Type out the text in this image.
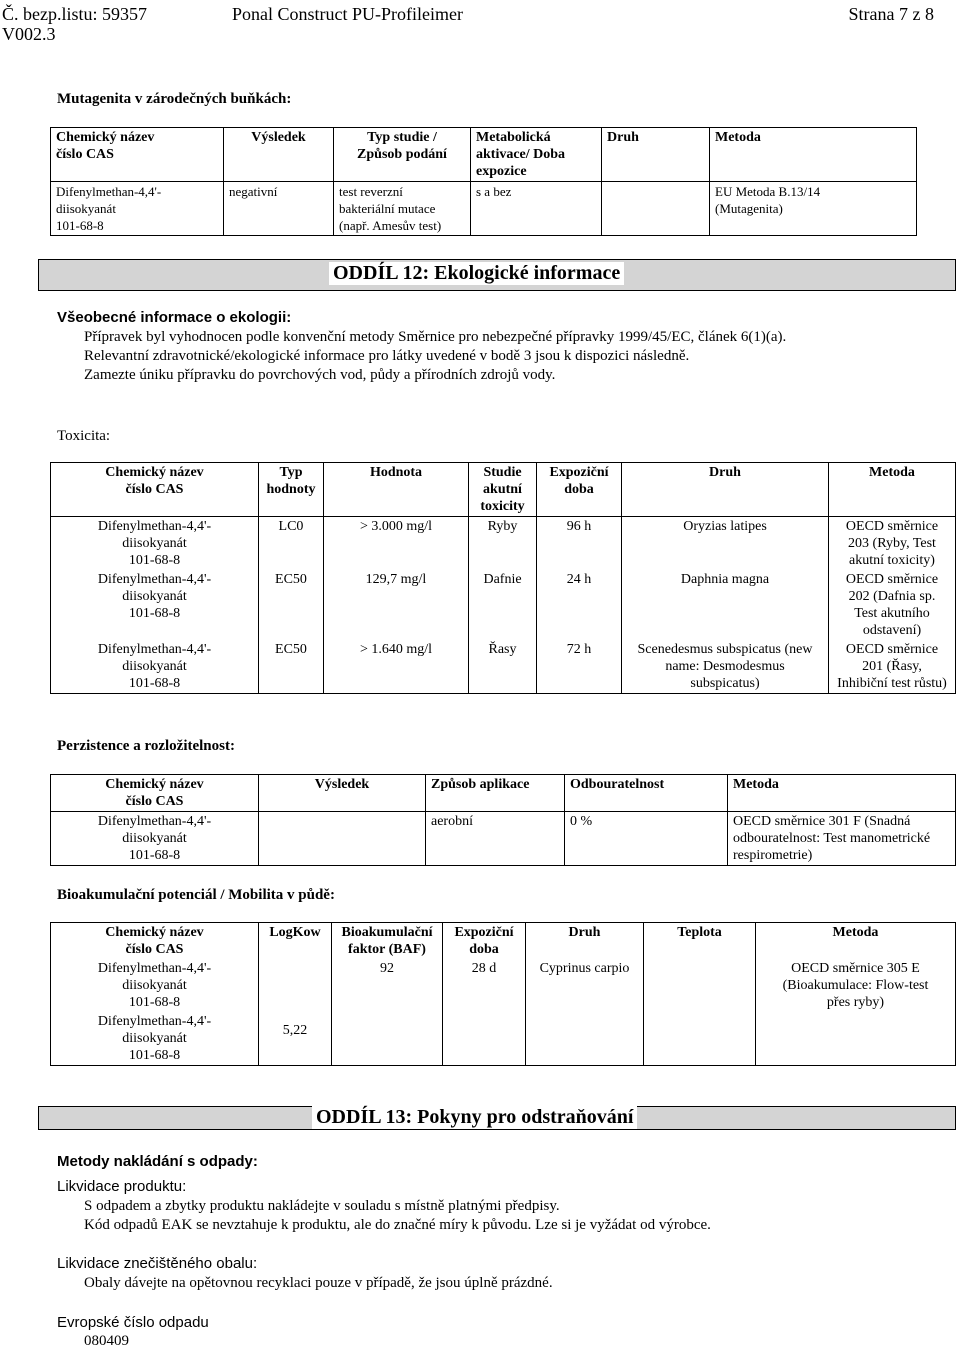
Č. bezp.listu: 59357	Ponal Construct PU-Profileimer	Strana 7 z 8
V002.3
Mutagenita v zárodečných buňkách:
Chemický název
číslo CAS	Výsledek	Typ studie /
Způsob podání	Metabolická
aktivace/ Doba
expozice	Druh	Metoda
Difenylmethan-4,4'-
diisokyanát
101-68-8	negativní	test reverzní
bakteriální mutace
(např. Amesův test)	s a bez		EU Metoda B.13/14
(Mutagenita)
ODDÍL 12: Ekologické informace
Všeobecné informace o ekologii:
Přípravek byl vyhodnocen podle konvenční metody Směrnice pro nebezpečné přípravky 1999/45/EC, článek 6(1)(a).
Relevantní zdravotnické/ekologické informace pro látky uvedené v bodě 3 jsou k dispozici následně.
Zamezte úniku přípravku do povrchových vod, půdy a přírodních zdrojů vody.
Toxicita:
Chemický název
číslo CAS	Typ
hodnoty	Hodnota	Studie
akutní
toxicity	Expoziční
doba	Druh	Metoda
Difenylmethan-4,4'-
diisokyanát
101-68-8	LC0	> 3.000 mg/l	Ryby	96 h	Oryzias latipes	OECD směrnice
203 (Ryby, Test
akutní toxicity)
Difenylmethan-4,4'-
diisokyanát
101-68-8	EC50	129,7 mg/l	Dafnie	24 h	Daphnia magna	OECD směrnice
202 (Dafnia sp.
Test akutního
odstavení)
Difenylmethan-4,4'-
diisokyanát
101-68-8	EC50	> 1.640 mg/l	Řasy	72 h	Scenedesmus subspicatus (new
name: Desmodesmus
subspicatus)	OECD směrnice
201 (Řasy,
Inhibiční test růstu)
Perzistence a rozložitelnost:
Chemický název
číslo CAS	Výsledek	Způsob aplikace	Odbouratelnost	Metoda
Difenylmethan-4,4'-
diisokyanát
101-68-8		aerobní	0 %	OECD směrnice 301 F (Snadná
odbouratelnost: Test manometrické
respirometrie)
Bioakumulační potenciál / Mobilita v půdě:
Chemický název
číslo CAS	LogKow	Bioakumulační
faktor (BAF)	Expoziční
doba	Druh	Teplota	Metoda
Difenylmethan-4,4'-
diisokyanát
101-68-8		92	28 d	Cyprinus carpio		OECD směrnice 305 E
(Bioakumulace: Flow-test
přes ryby)
Difenylmethan-4,4'-
diisokyanát
101-68-8	5,22					
ODDÍL 13: Pokyny pro odstraňování
Metody nakládání s odpady:
Likvidace produktu:
S odpadem a zbytky produktu nakládejte v souladu s místně platnými předpisy.
Kód odpadů EAK se nevztahuje k produktu, ale do značné míry k původu. Lze si je vyžádat od výrobce.
Likvidace znečištěného obalu:
Obaly dávejte na opětovnou recyklaci pouze v případě, že jsou úplně prázdné.
Evropské číslo odpadu
080409
